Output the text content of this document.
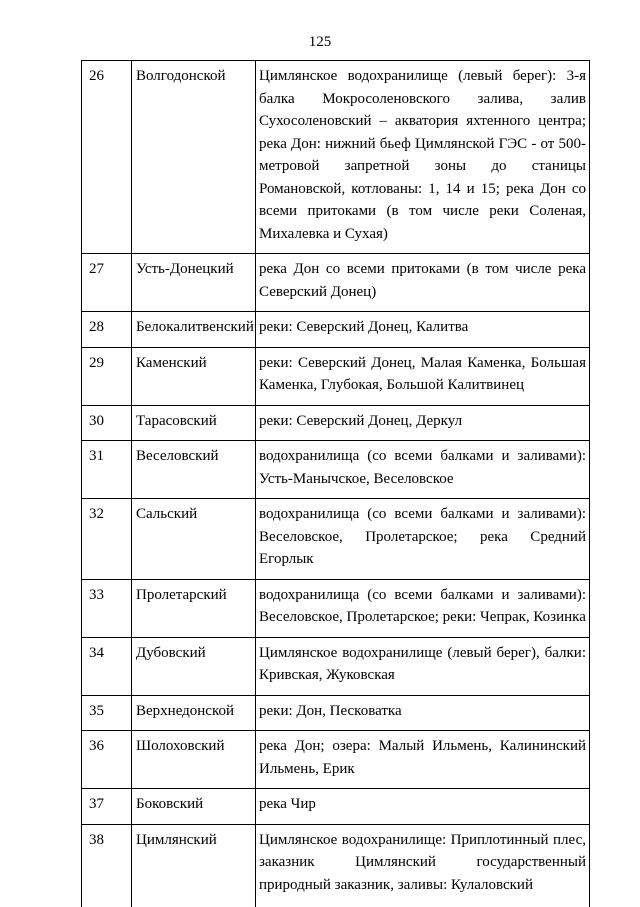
125
26	Волгодонской	Цимлянское водохранилище (левый берег): 3-я балка Мокросоленовского залива, залив Сухосоленовский – акватория яхтенного центра; река Дон: нижний бьеф Цимлянской ГЭС - от 500-метровой запретной зоны до станицы Романовской, котлованы: 1, 14 и 15; река Дон со всеми притоками (в том числе реки Соленая, Михалевка и Сухая)
27	Усть-Донецкий	река Дон со всеми притоками (в том числе река Северский Донец)
28	Белокалитвенский	реки: Северский Донец, Калитва
29	Каменский	реки: Северский Донец, Малая Каменка, Большая Каменка, Глубокая, Большой Калитвинец
30	Тарасовский	реки: Северский Донец, Деркул
31	Веселовский	водохранилища (со всеми балками и заливами): Усть-Манычское, Веселовское
32	Сальский	водохранилища (со всеми балками и заливами): Веселовское, Пролетарское; река Средний Егорлык
33	Пролетарский	водохранилища (со всеми балками и заливами): Веселовское, Пролетарское; реки: Чепрак, Козинка
34	Дубовский	Цимлянское водохранилище (левый берег), балки: Кривская, Жуковская
35	Верхнедонской	реки: Дон, Песковатка
36	Шолоховский	река Дон; озера: Малый Ильмень, Калининский Ильмень, Ерик
37	Боковский	река Чир
38	Цимлянский	Цимлянское водохранилище: Приплотинный плес, заказник Цимлянский государственный природный заказник, заливы: Кулаловский
